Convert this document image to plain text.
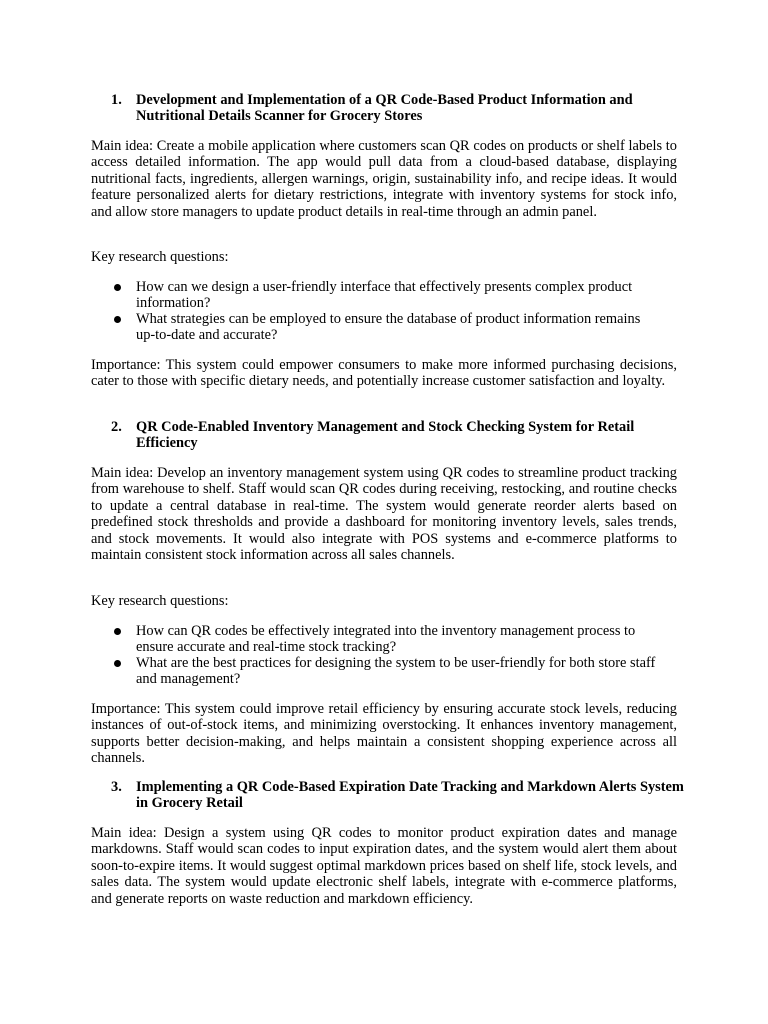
1. Development and Implementation of a QR Code-Based Product Information and Nutritional Details Scanner for Grocery Stores
Main idea: Create a mobile application where customers scan QR codes on products or shelf labels to access detailed information. The app would pull data from a cloud-based database, displaying nutritional facts, ingredients, allergen warnings, origin, sustainability info, and recipe ideas. It would feature personalized alerts for dietary restrictions, integrate with inventory systems for stock info, and allow store managers to update product details in real-time through an admin panel.
Key research questions:
How can we design a user-friendly interface that effectively presents complex product information?
What strategies can be employed to ensure the database of product information remains up-to-date and accurate?
Importance: This system could empower consumers to make more informed purchasing decisions, cater to those with specific dietary needs, and potentially increase customer satisfaction and loyalty.
2. QR Code-Enabled Inventory Management and Stock Checking System for Retail Efficiency
Main idea: Develop an inventory management system using QR codes to streamline product tracking from warehouse to shelf. Staff would scan QR codes during receiving, restocking, and routine checks to update a central database in real-time. The system would generate reorder alerts based on predefined stock thresholds and provide a dashboard for monitoring inventory levels, sales trends, and stock movements. It would also integrate with POS systems and e-commerce platforms to maintain consistent stock information across all sales channels.
Key research questions:
How can QR codes be effectively integrated into the inventory management process to ensure accurate and real-time stock tracking?
What are the best practices for designing the system to be user-friendly for both store staff and management?
Importance: This system could improve retail efficiency by ensuring accurate stock levels, reducing instances of out-of-stock items, and minimizing overstocking. It enhances inventory management, supports better decision-making, and helps maintain a consistent shopping experience across all channels.
3. Implementing a QR Code-Based Expiration Date Tracking and Markdown Alerts System in Grocery Retail
Main idea: Design a system using QR codes to monitor product expiration dates and manage markdowns. Staff would scan codes to input expiration dates, and the system would alert them about soon-to-expire items. It would suggest optimal markdown prices based on shelf life, stock levels, and sales data. The system would update electronic shelf labels, integrate with e-commerce platforms, and generate reports on waste reduction and markdown efficiency.
